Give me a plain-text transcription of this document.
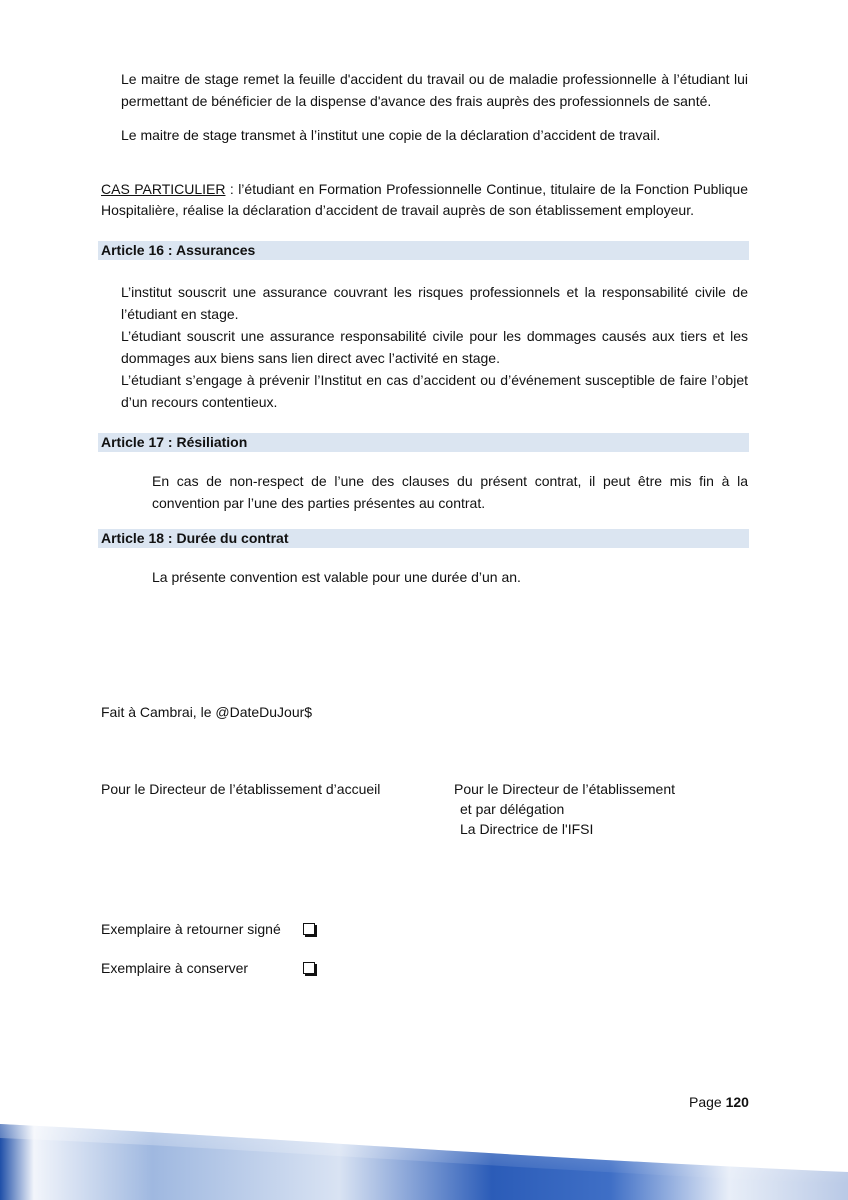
Le maitre de stage remet la feuille d'accident du travail ou de maladie professionnelle à l’étudiant lui permettant de bénéficier de la dispense d'avance des frais auprès des professionnels de santé.

Le maitre de stage transmet à l’institut une copie de la déclaration d’accident de travail.

CAS PARTICULIER : l’étudiant en Formation Professionnelle Continue, titulaire de la Fonction Publique Hospitalière, réalise la déclaration d’accident de travail auprès de son établissement employeur.

Article 16 : Assurances

L’institut souscrit une assurance couvrant les risques professionnels et la responsabilité civile de l’étudiant en stage.

L’étudiant souscrit une assurance responsabilité civile pour les dommages causés aux tiers et les dommages aux biens sans lien direct avec l’activité en stage.

L’étudiant s’engage à prévenir l’Institut en cas d’accident ou d’événement susceptible de faire l’objet d’un recours contentieux.

Article 17 : Résiliation

En cas de non-respect de l’une des clauses du présent contrat, il peut être mis fin à la convention par l’une des parties présentes au contrat.

Article 18 : Durée du contrat

La présente convention est valable pour une durée d’un an.

Fait à Cambrai, le @DateDuJour$

Pour le Directeur de l’établissement d’accueil	Pour le Directeur de l’établissement

et par délégation

La Directrice de l'IFSI

Exemplaire à retourner signé

Exemplaire à conserver

Page 120
